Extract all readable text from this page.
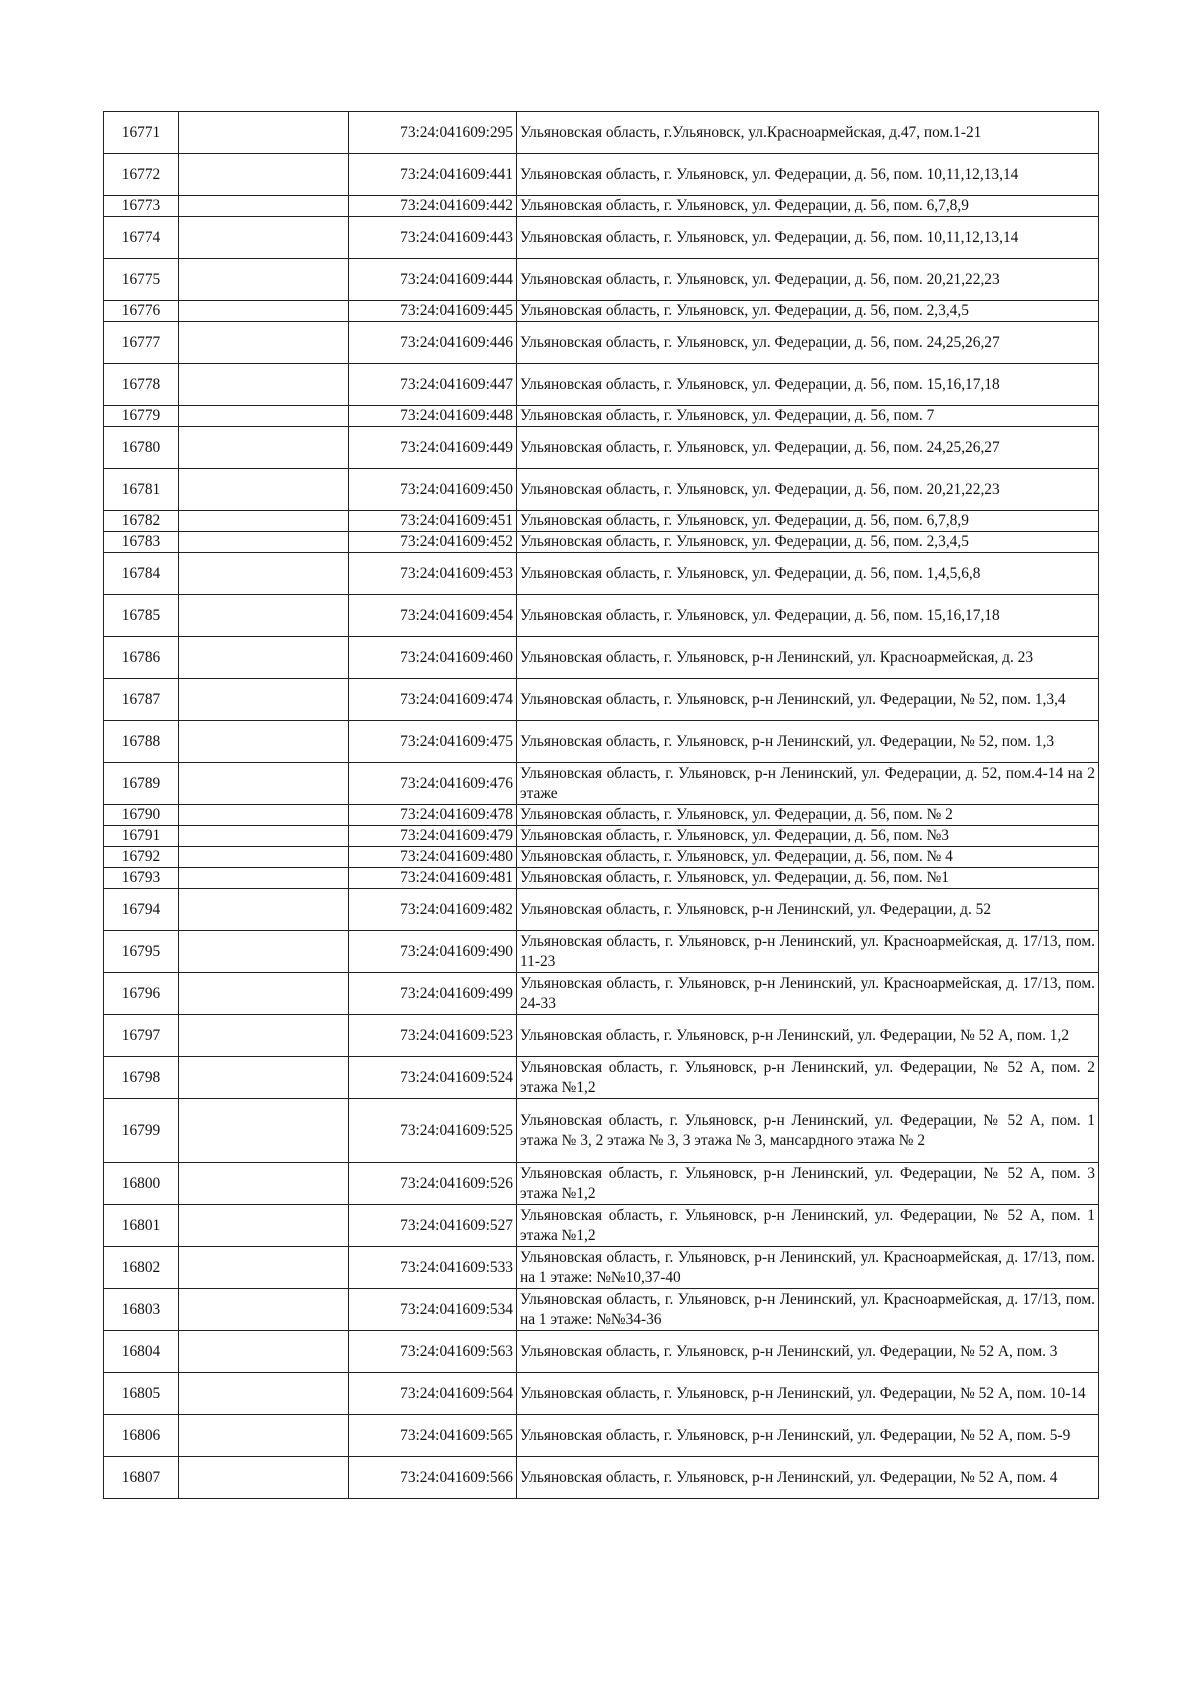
16771		73:24:041609:295	Ульяновская область, г.Ульяновск, ул.Красноармейская, д.47, пом.1-21
16772		73:24:041609:441	Ульяновская область, г. Ульяновск, ул. Федерации, д. 56, пом. 10,11,12,13,14
16773		73:24:041609:442	Ульяновская область, г. Ульяновск, ул. Федерации, д. 56, пом. 6,7,8,9
16774		73:24:041609:443	Ульяновская область, г. Ульяновск, ул. Федерации, д. 56, пом. 10,11,12,13,14
16775		73:24:041609:444	Ульяновская область, г. Ульяновск, ул. Федерации, д. 56, пом. 20,21,22,23
16776		73:24:041609:445	Ульяновская область, г. Ульяновск, ул. Федерации, д. 56, пом. 2,3,4,5
16777		73:24:041609:446	Ульяновская область, г. Ульяновск, ул. Федерации, д. 56, пом. 24,25,26,27
16778		73:24:041609:447	Ульяновская область, г. Ульяновск, ул. Федерации, д. 56, пом. 15,16,17,18
16779		73:24:041609:448	Ульяновская область, г. Ульяновск, ул. Федерации, д. 56, пом. 7
16780		73:24:041609:449	Ульяновская область, г. Ульяновск, ул. Федерации, д. 56, пом. 24,25,26,27
16781		73:24:041609:450	Ульяновская область, г. Ульяновск, ул. Федерации, д. 56, пом. 20,21,22,23
16782		73:24:041609:451	Ульяновская область, г. Ульяновск, ул. Федерации, д. 56, пом. 6,7,8,9
16783		73:24:041609:452	Ульяновская область, г. Ульяновск, ул. Федерации, д. 56, пом. 2,3,4,5
16784		73:24:041609:453	Ульяновская область, г. Ульяновск, ул. Федерации, д. 56, пом. 1,4,5,6,8
16785		73:24:041609:454	Ульяновская область, г. Ульяновск, ул. Федерации, д. 56, пом. 15,16,17,18
16786		73:24:041609:460	Ульяновская область, г. Ульяновск, р-н Ленинский, ул. Красноармейская, д. 23
16787		73:24:041609:474	Ульяновская область, г. Ульяновск, р-н Ленинский, ул. Федерации, № 52, пом. 1,3,4
16788		73:24:041609:475	Ульяновская область, г. Ульяновск, р-н Ленинский, ул. Федерации, № 52, пом. 1,3
16789		73:24:041609:476	Ульяновская область, г. Ульяновск, р-н Ленинский, ул. Федерации, д. 52, пом.4-14 на 2 этаже
16790		73:24:041609:478	Ульяновская область, г. Ульяновск, ул. Федерации, д. 56, пом. № 2
16791		73:24:041609:479	Ульяновская область, г. Ульяновск, ул. Федерации, д. 56, пом. №3
16792		73:24:041609:480	Ульяновская область, г. Ульяновск, ул. Федерации, д. 56, пом. № 4
16793		73:24:041609:481	Ульяновская область, г. Ульяновск, ул. Федерации, д. 56, пом. №1
16794		73:24:041609:482	Ульяновская область, г. Ульяновск, р-н Ленинский, ул. Федерации, д. 52
16795		73:24:041609:490	Ульяновская область, г. Ульяновск, р-н Ленинский, ул. Красноармейская, д. 17/13, пом. 11-23
16796		73:24:041609:499	Ульяновская область, г. Ульяновск, р-н Ленинский, ул. Красноармейская, д. 17/13, пом. 24-33
16797		73:24:041609:523	Ульяновская область, г. Ульяновск, р-н Ленинский, ул. Федерации, № 52 А, пом. 1,2
16798		73:24:041609:524	Ульяновская область, г. Ульяновск, р-н Ленинский, ул. Федерации, № 52 А, пом. 2 этажа №1,2
16799		73:24:041609:525	Ульяновская область, г. Ульяновск, р-н Ленинский, ул. Федерации, № 52 А, пом. 1 этажа № 3, 2 этажа № 3, 3 этажа № 3, мансардного этажа № 2
16800		73:24:041609:526	Ульяновская область, г. Ульяновск, р-н Ленинский, ул. Федерации, № 52 А, пом. 3 этажа №1,2
16801		73:24:041609:527	Ульяновская область, г. Ульяновск, р-н Ленинский, ул. Федерации, № 52 А, пом. 1 этажа №1,2
16802		73:24:041609:533	Ульяновская область, г. Ульяновск, р-н Ленинский, ул. Красноармейская, д. 17/13, пом. на 1 этаже: №№10,37-40
16803		73:24:041609:534	Ульяновская область, г. Ульяновск, р-н Ленинский, ул. Красноармейская, д. 17/13, пом. на 1 этаже: №№34-36
16804		73:24:041609:563	Ульяновская область, г. Ульяновск, р-н Ленинский, ул. Федерации, № 52 А, пом. 3
16805		73:24:041609:564	Ульяновская область, г. Ульяновск, р-н Ленинский, ул. Федерации, № 52 А, пом. 10-14
16806		73:24:041609:565	Ульяновская область, г. Ульяновск, р-н Ленинский, ул. Федерации, № 52 А, пом. 5-9
16807		73:24:041609:566	Ульяновская область, г. Ульяновск, р-н Ленинский, ул. Федерации, № 52 А, пом. 4
